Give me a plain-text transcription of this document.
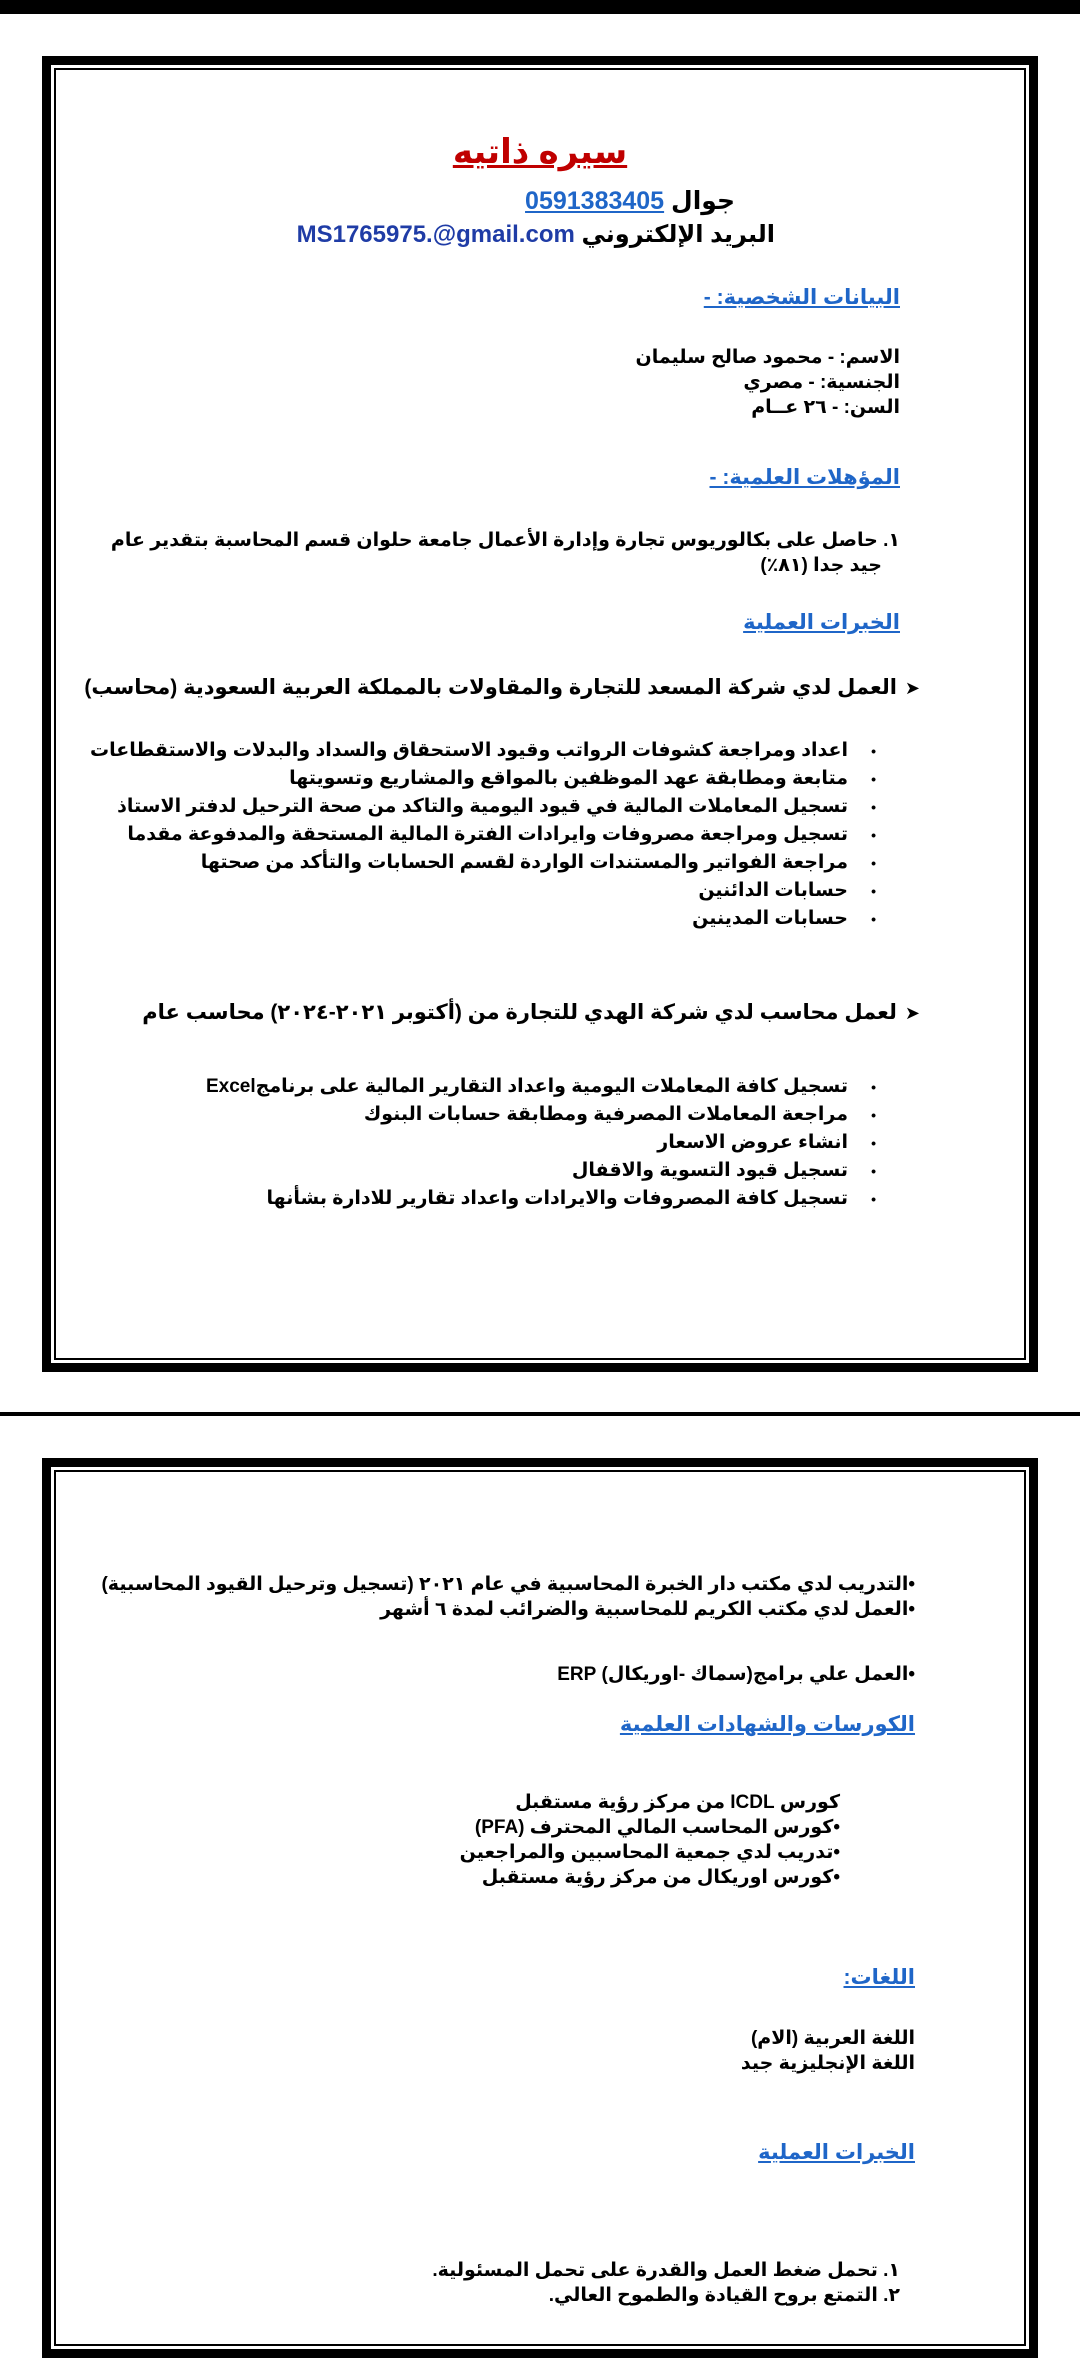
سيره ذاتيه
جوال 0591383405
البريد الإلكتروني MS1765975.@gmail.com
البيانات الشخصية: -
الاسم: - محمود صالح سليمان
الجنسية: - مصري
السن: - ٢٦ عــام
المؤهلات العلمية: -
١. حاصل على بكالوريوس تجارة وإدارة الأعمال جامعة حلوان قسم المحاسبة بتقدير عام
جيد جدا (٨١٪)
الخبرات العملية
➤العمل لدي شركة المسعد للتجارة والمقاولات بالمملكة العربية السعودية (محاسب)
• اعداد ومراجعة كشوفات الرواتب وقيود الاستحقاق والسداد والبدلات والاستقطاعات
• متابعة ومطابقة عهد الموظفين بالمواقع والمشاريع وتسويتها
• تسجيل المعاملات المالية في قيود اليومية والتاكد من صحة الترحيل لدفتر الاستاذ
• تسجيل ومراجعة مصروفات وايرادات الفترة المالية المستحقة والمدفوعة مقدما
• مراجعة الفواتير والمستندات الواردة لقسم الحسابات والتأكد من صحتها
• حسابات الدائنين
• حسابات المدينين
➤لعمل محاسب لدي شركة الهدي للتجارة من (أكتوبر ٢٠٢١-٢٠٢٤) محاسب عام
• تسجيل كافة المعاملات اليومية واعداد التقارير المالية على برنامجExcel
• مراجعة المعاملات المصرفية ومطابقة حسابات البنوك
• انشاء عروض الاسعار
• تسجيل قيود التسوية والاقفال
• تسجيل كافة المصروفات والايرادات واعداد تقارير للادارة بشأنها
•التدريب لدي مكتب دار الخبرة المحاسبية في عام ٢٠٢١ (تسجيل وترحيل القيود المحاسبية)
•العمل لدي مكتب الكريم للمحاسبية والضرائب لمدة ٦ أشهر
•العمل علي برامج(سماك -اوريكال) ERP
الكورسات والشهادات العلمية
كورس ICDL من مركز رؤية مستقبل
•كورس المحاسب المالي المحترف (PFA)
•تدريب لدي جمعية المحاسبين والمراجعين
•كورس اوريكال من مركز رؤية مستقبل
اللغات:
اللغة العربية (الام)
اللغة الإنجليزية جيد
الخبرات العملية
١. تحمل ضغط العمل والقدرة على تحمل المسئولية.
٢. التمتع بروح القيادة والطموح العالي.
